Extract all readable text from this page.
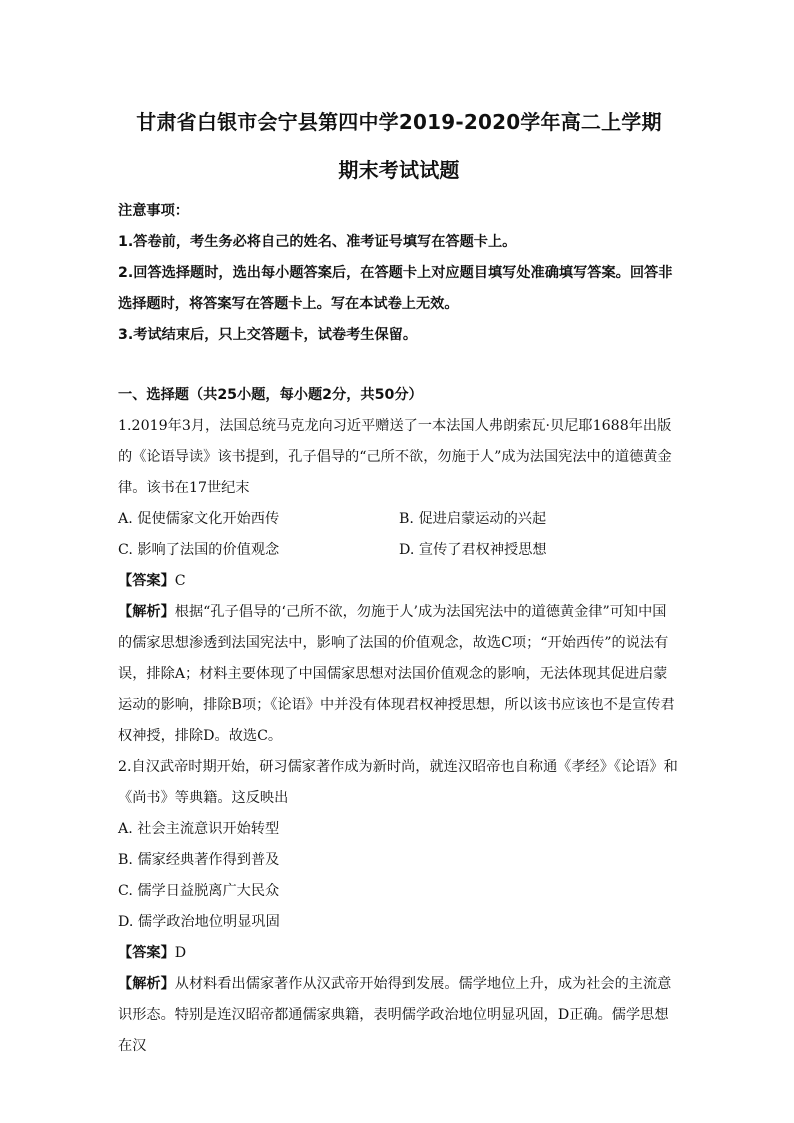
甘肃省白银市会宁县第四中学2019-2020学年高二上学期
期末考试试题
注意事项：

1.答卷前，考生务必将自己的姓名、准考证号填写在答题卡上。

2.回答选择题时，选出每小题答案后，在答题卡上对应题目填写处准确填写答案。回答非选择题时，将答案写在答题卡上。写在本试卷上无效。

3.考试结束后，只上交答题卡，试卷考生保留。

一、选择题（共25小题，每小题2分，共50分）

1.2019年3月，法国总统马克龙向习近平赠送了一本法国人弗朗索瓦·贝尼耶1688年出版的《论语导读》该书提到，孔子倡导的“己所不欲，勿施于人”成为法国宪法中的道德黄金律。该书在17世纪末

A. 促使儒家文化开始西传	B. 促进启蒙运动的兴起
C. 影响了法国的价值观念	D. 宣传了君权神授思想

【答案】C

【解析】根据“孔子倡导的‘己所不欲，勿施于人’成为法国宪法中的道德黄金律”可知中国的儒家思想渗透到法国宪法中，影响了法国的价值观念，故选C项；“开始西传”的说法有误，排除A；材料主要体现了中国儒家思想对法国价值观念的影响，无法体现其促进启蒙运动的影响，排除B项；《论语》中并没有体现君权神授思想，所以该书应该也不是宣传君权神授，排除D。故选C。

2.自汉武帝时期开始，研习儒家著作成为新时尚，就连汉昭帝也自称通《孝经》《论语》和《尚书》等典籍。这反映出

A. 社会主流意识开始转型
B. 儒家经典著作得到普及
C. 儒学日益脱离广大民众
D. 儒学政治地位明显巩固

【答案】D

【解析】从材料看出儒家著作从汉武帝开始得到发展。儒学地位上升，成为社会的主流意识形态。特别是连汉昭帝都通儒家典籍，表明儒学政治地位明显巩固，D正确。儒学思想在汉
